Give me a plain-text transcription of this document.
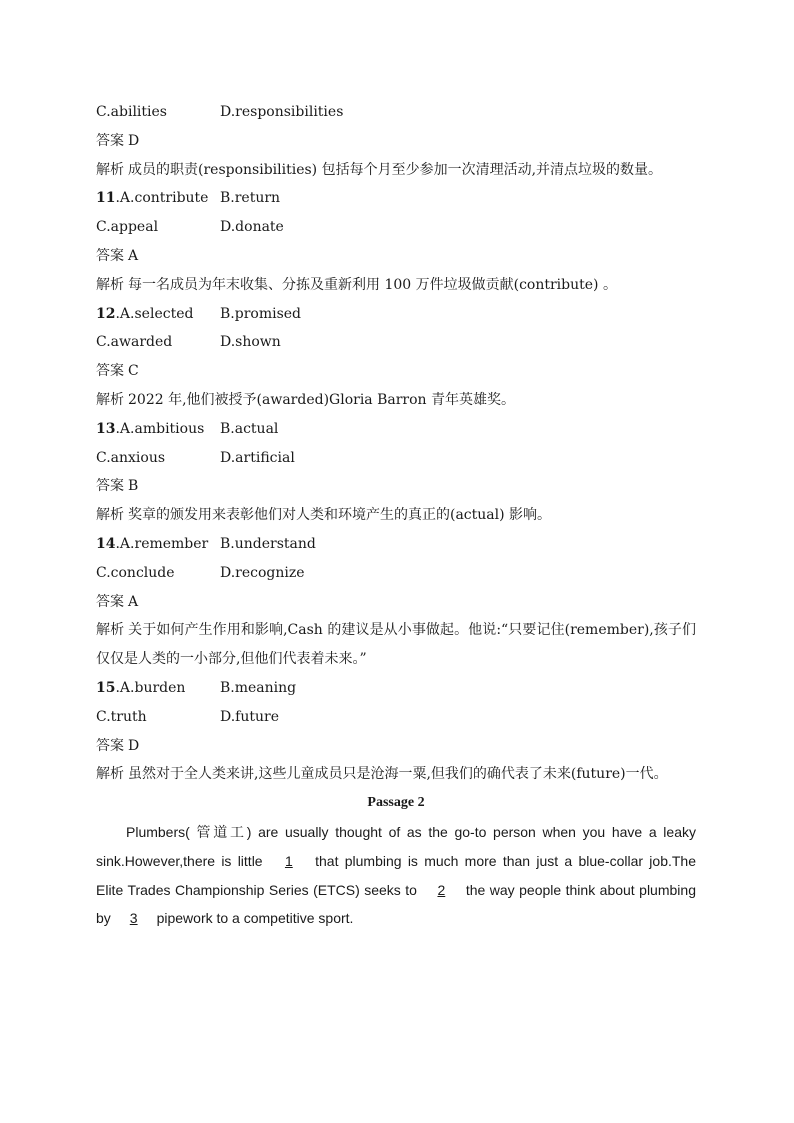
C.abilities	D.responsibilities
答案 D
解析 成员的职责(responsibilities) 包括每个月至少参加一次清理活动,并清点垃圾的数量。
11.A.contribute B.return
C.appeal	D.donate
答案 A
解析 每一名成员为年末收集、分拣及重新利用 100 万件垃圾做贡献(contribute) 。
12.A.selected B.promised
C.awarded	D.shown
答案 C
解析 2022 年,他们被授予(awarded)Gloria Barron 青年英雄奖。
13.A.ambitious B.actual
C.anxious	D.artificial
答案 B
解析 奖章的颁发用来表彰他们对人类和环境产生的真正的(actual) 影响。
14.A.remember B.understand
C.conclude	D.recognize
答案 A
解析 关于如何产生作用和影响,Cash 的建议是从小事做起。他说:“只要记住(remember),孩子们仅仅是人类的一小部分,但他们代表着未来。”
15.A.burden B.meaning
C.truth	D.future
答案 D
解析 虽然对于全人类来讲,这些儿童成员只是沧海一粟,但我们的确代表了未来(future)一代。
Passage 2
Plumbers( 管道工) are usually thought of as the go-to person when you have a leaky sink.However,there is little 1 that plumbing is much more than just a blue-collar job.The Elite Trades Championship Series (ETCS) seeks to 2 the way people think about plumbing by 3 pipework to a competitive sport.
